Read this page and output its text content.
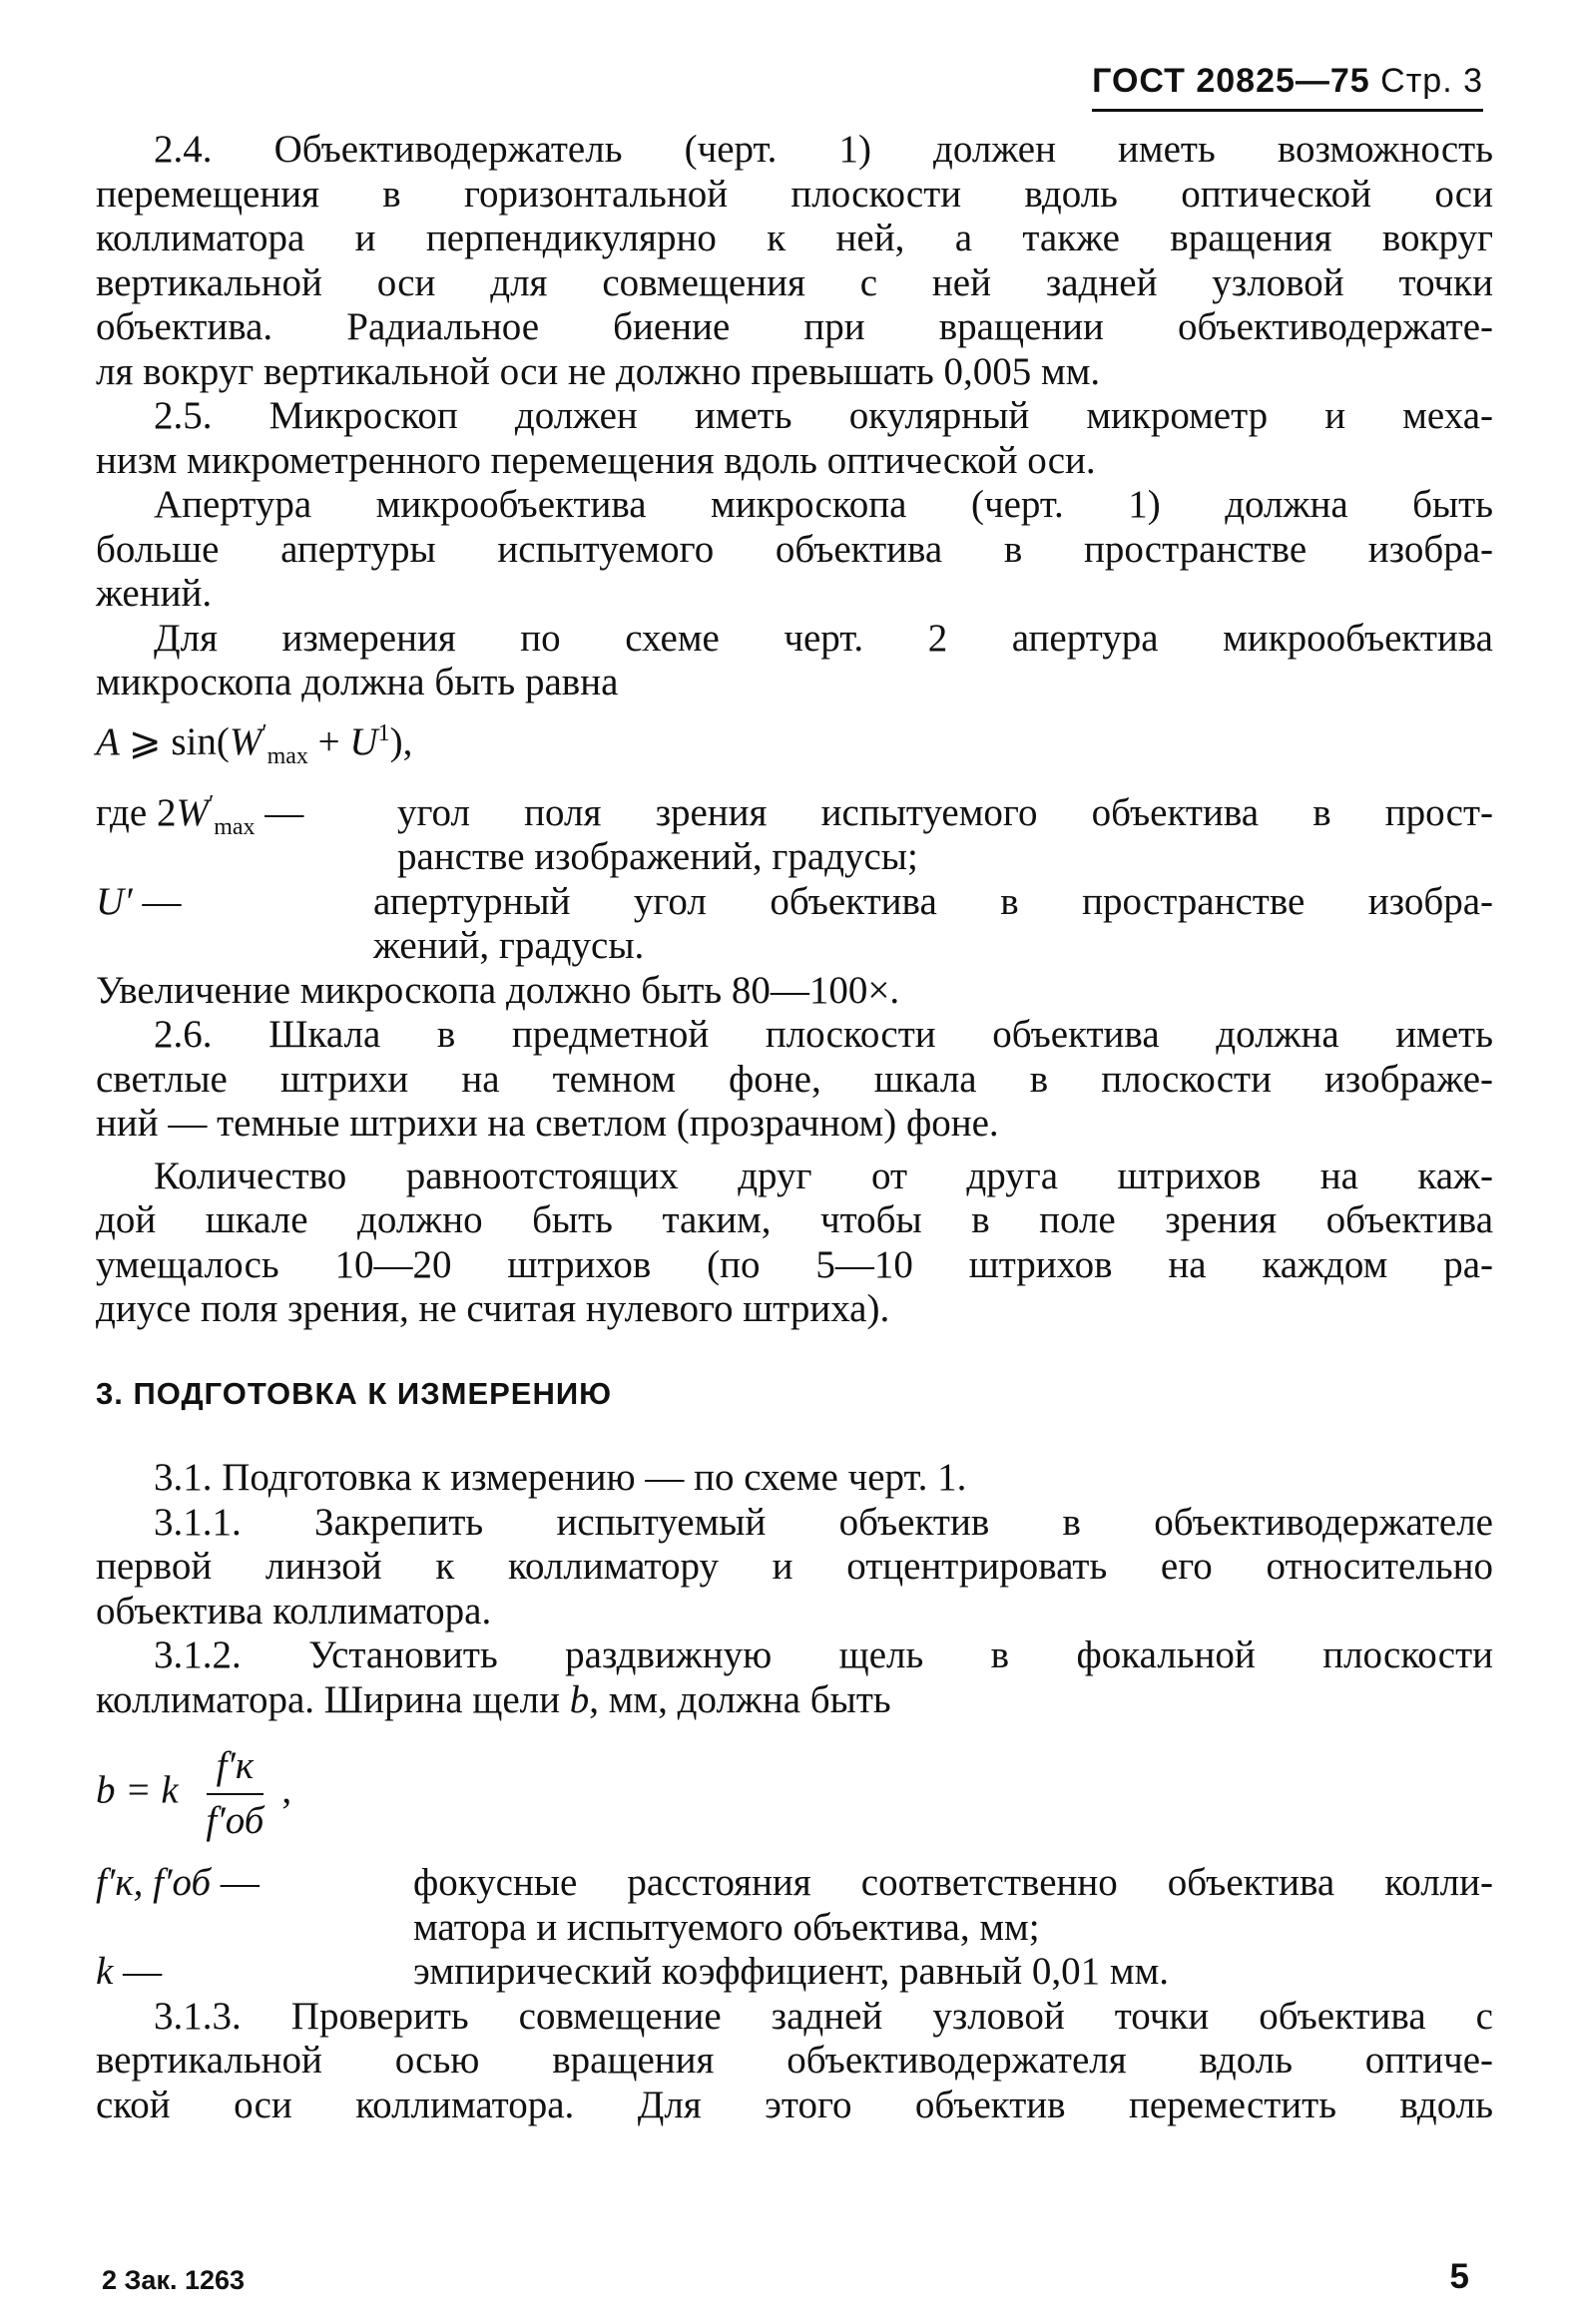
ГОСТ 20825—75 Стр. 3
2.4. Объективодержатель (черт. 1) должен иметь возможность
перемещения в горизонтальной плоскости вдоль оптической оси
коллиматора и перпендикулярно к ней, а также вращения вокруг
вертикальной оси для совмещения с ней задней узловой точки
объектива. Радиальное биение при вращении объективодержате-
ля вокруг вертикальной оси не должно превышать 0,005 мм.
2.5. Микроскоп должен иметь окулярный микрометр и меха-
низм микрометренного перемещения вдоль оптической оси.
Апертура микрообъектива микроскопа (черт. 1) должна быть
больше апертуры испытуемого объектива в пространстве изобра-
жений.
Для измерения по схеме черт. 2 апертура микрообъектива
микроскопа должна быть равна
A ⩾ $\sin(W'_{max} + U^1)$,
где $2W'_{max}$ —	угол поля зрения испытуемого объектива в прост-
ранстве изображений, градусы;
U′ —	апертурный угол объектива в пространстве изобра-
жений, градусы.
Увеличение микроскопа должно быть 80—100×.
2.6. Шкала в предметной плоскости объектива должна иметь
светлые штрихи на темном фоне, шкала в плоскости изображе-
ний — темные штрихи на светлом (прозрачном) фоне.
Количество равноотстоящих друг от друга штрихов на каж-
дой шкале должно быть таким, чтобы в поле зрения объектива
умещалось 10—20 штрихов (по 5—10 штрихов на каждом ра-
диусе поля зрения, не считая нулевого штриха).
3. ПОДГОТОВКА К ИЗМЕРЕНИЮ
3.1. Подготовка к измерению — по схеме черт. 1.
3.1.1. Закрепить испытуемый объектив в объективодержателе
первой линзой к коллиматору и отцентрировать его относительно
объектива коллиматора.
3.1.2. Установить раздвижную щель в фокальной плоскости
коллиматора. Ширина щели b, мм, должна быть
b = k $\frac{f'к}{f'об}$ ,
f′к, f′об —	фокусные расстояния соответственно объектива колли-
матора и испытуемого объектива, мм;
k —	эмпирический коэффициент, равный 0,01 мм.
3.1.3. Проверить совмещение задней узловой точки объектива с
вертикальной осью вращения объективодержателя вдоль оптиче-
ской оси коллиматора. Для этого объектив переместить вдоль
2 Зак. 1263	5
